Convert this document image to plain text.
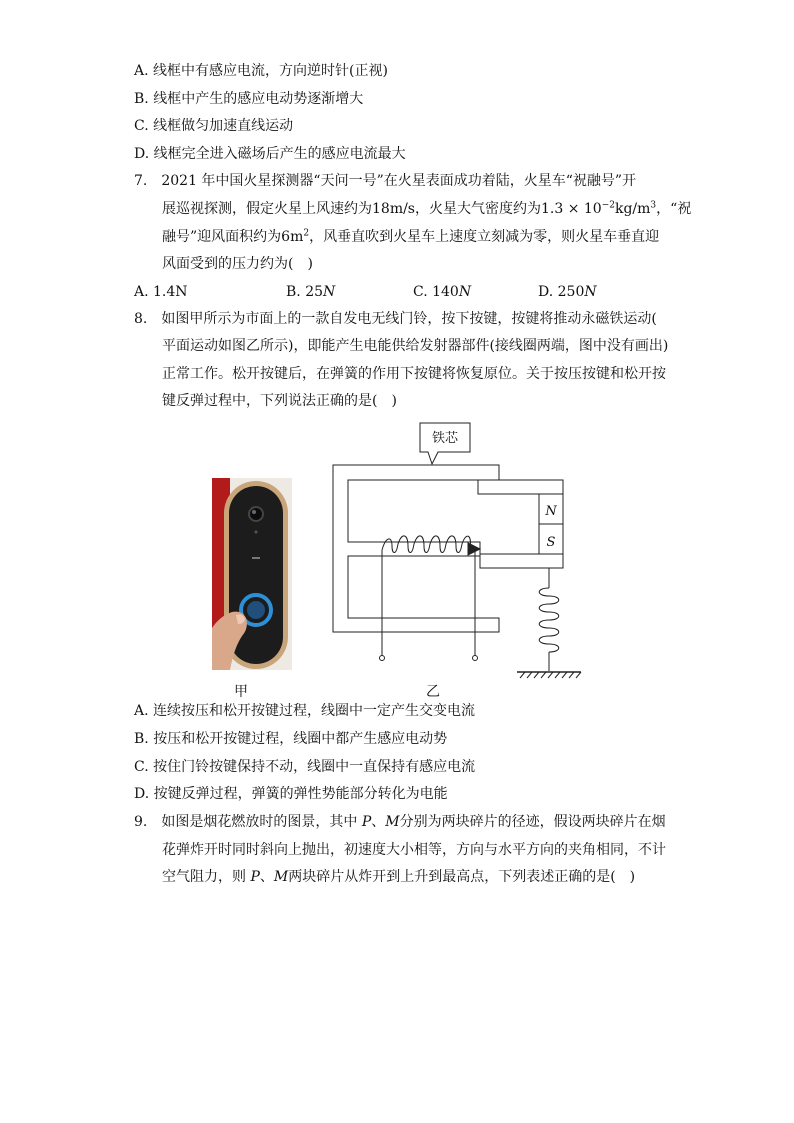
A. 线框中有感应电流，方向逆时针(正视)
B. 线框中产生的感应电动势逐渐增大
C. 线框做匀加速直线运动
D. 线框完全进入磁场后产生的感应电流最大
7.　2021 年中国火星探测器“天问一号”在火星表面成功着陆，火星车“祝融号”开
展巡视探测，假定火星上风速约为18m/s，火星大气密度约为$1.3 \times 10^{-2}kg/m^3$，“祝
融号”迎风面积约为$6m^2$，风垂直吹到火星车上速度立刻减为零，则火星车垂直迎
风面受到的压力约为(　)
A. 1.4N	B. 25N	C. 140N	D. 250N
8.　如图甲所示为市面上的一款自发电无线门铃，按下按键，按键将推动永磁铁运动(
平面运动如图乙所示)，即能产生电能供给发射器部件(接线圈两端，图中没有画出)
正常工作。松开按键后，在弹簧的作用下按键将恢复原位。关于按压按键和松开按
键反弹过程中，下列说法正确的是(　)
铁芯
N
S
甲	乙
A. 连续按压和松开按键过程，线圈中一定产生交变电流
B. 按压和松开按键过程，线圈中都产生感应电动势
C. 按住门铃按键保持不动，线圈中一直保持有感应电流
D. 按键反弹过程，弹簧的弹性势能部分转化为电能
9.　如图是烟花燃放时的图景，其中 P、M分别为两块碎片的径迹，假设两块碎片在烟
花弹炸开时同时斜向上抛出，初速度大小相等，方向与水平方向的夹角相同，不计
空气阻力，则 P、M两块碎片从炸开到上升到最高点，下列表述正确的是(　)
